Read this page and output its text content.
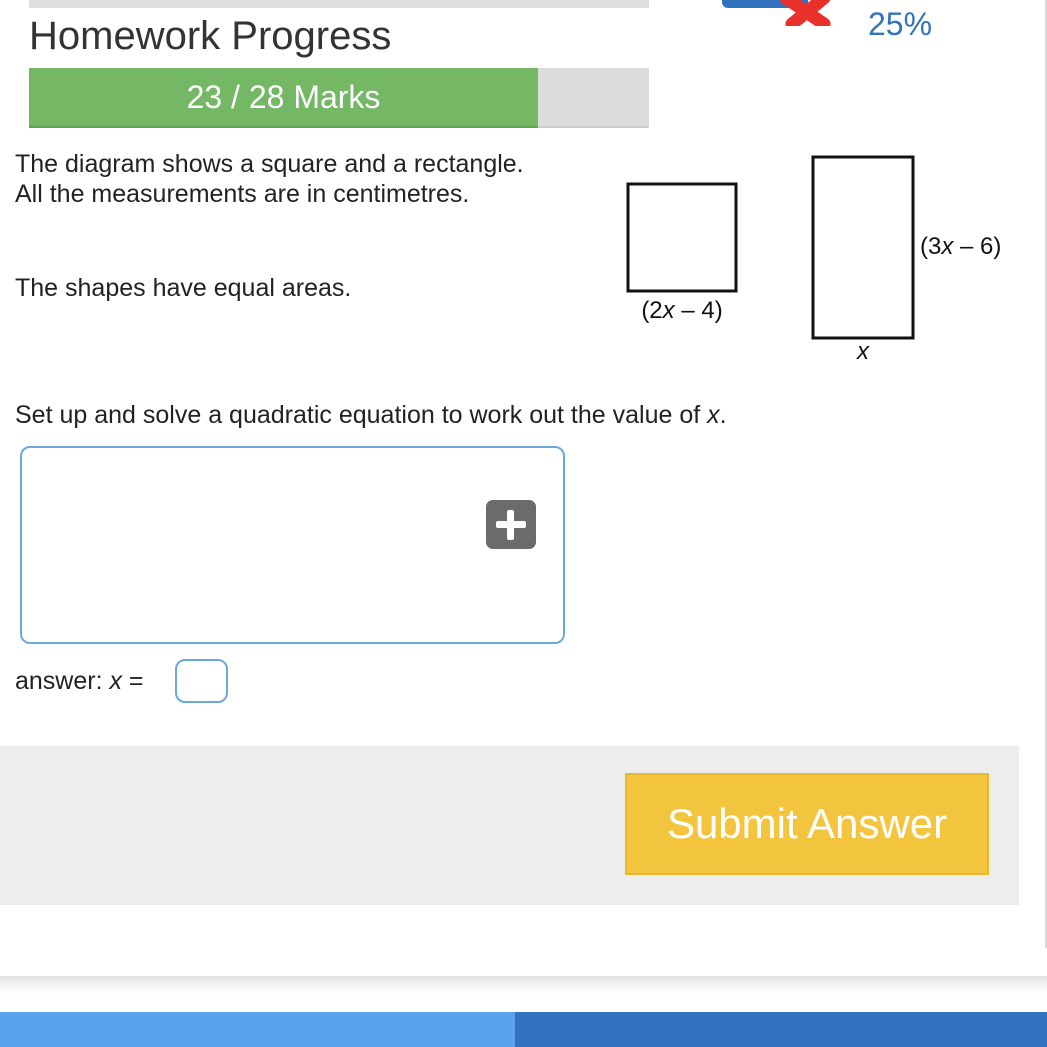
25%
Homework Progress
23 / 28 Marks
The diagram shows a square and a rectangle.
All the measurements are in centimetres.
The shapes have equal areas.
Set up and solve a quadratic equation to work out the value of x.
(2x – 4)
(3x – 6)
x
answer: x =
Submit Answer
